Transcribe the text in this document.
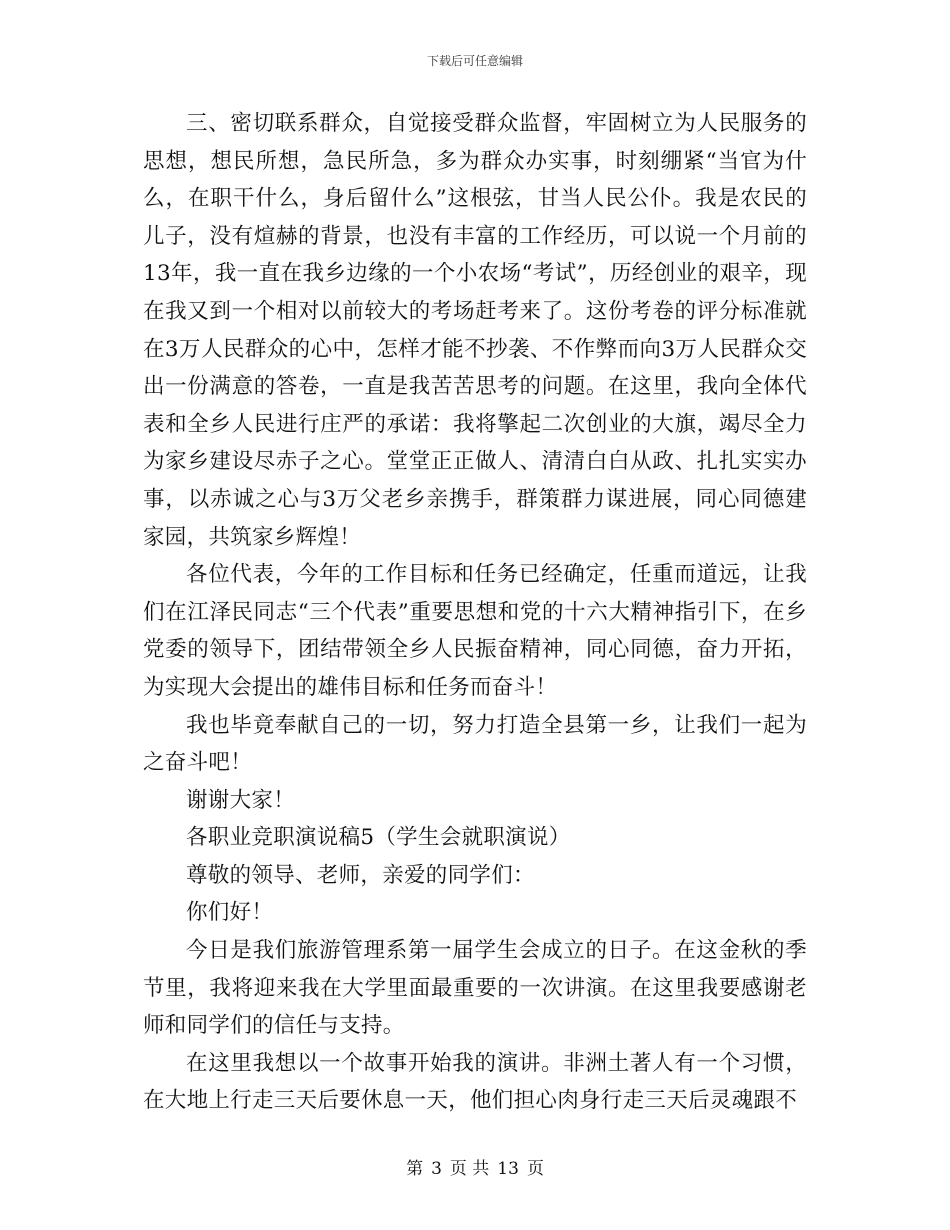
下载后可任意编辑

三、密切联系群众，自觉接受群众监督，牢固树立为人民服务的思想，想民所想，急民所急，多为群众办实事，时刻绷紧“当官为什么，在职干什么，身后留什么”这根弦，甘当人民公仆。我是农民的儿子，没有煊赫的背景，也没有丰富的工作经历，可以说一个月前的13年，我一直在我乡边缘的一个小农场“考试”，历经创业的艰辛，现在我又到一个相对以前较大的考场赶考来了。这份考卷的评分标准就在3万人民群众的心中，怎样才能不抄袭、不作弊而向3万人民群众交出一份满意的答卷，一直是我苦苦思考的问题。在这里，我向全体代表和全乡人民进行庄严的承诺：我将擎起二次创业的大旗，竭尽全力为家乡建设尽赤子之心。堂堂正正做人、清清白白从政、扎扎实实办事，以赤诚之心与3万父老乡亲携手，群策群力谋进展，同心同德建家园，共筑家乡辉煌！

各位代表，今年的工作目标和任务已经确定，任重而道远，让我们在江泽民同志“三个代表”重要思想和党的十六大精神指引下，在乡党委的领导下，团结带领全乡人民振奋精神，同心同德，奋力开拓，为实现大会提出的雄伟目标和任务而奋斗！

我也毕竟奉献自己的一切，努力打造全县第一乡，让我们一起为之奋斗吧！

谢谢大家！

各职业竞职演说稿5（学生会就职演说）

尊敬的领导、老师，亲爱的同学们：

你们好！

今日是我们旅游管理系第一届学生会成立的日子。在这金秋的季节里，我将迎来我在大学里面最重要的一次讲演。在这里我要感谢老师和同学们的信任与支持。

在这里我想以一个故事开始我的演讲。非洲土著人有一个习惯，在大地上行走三天后要休息一天，他们担心肉身行走三天后灵魂跟不

第 3 页 共 13 页
